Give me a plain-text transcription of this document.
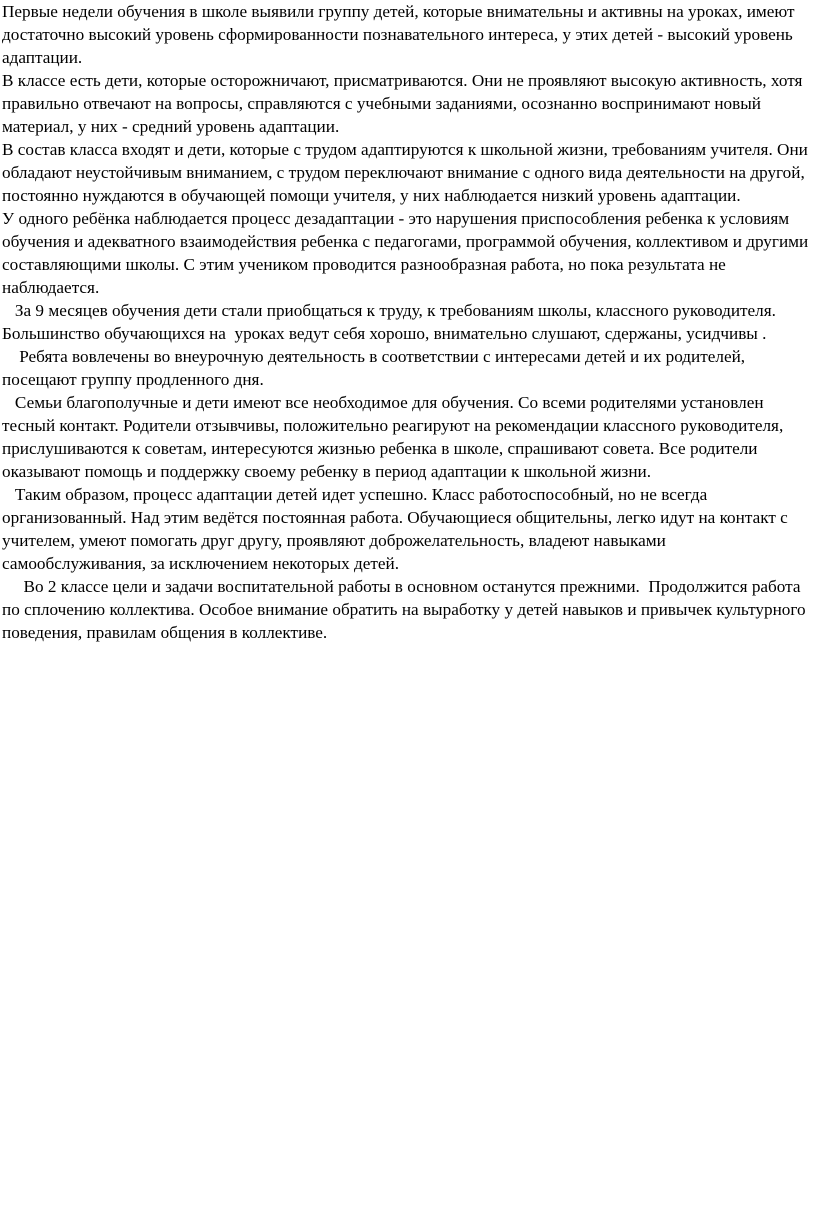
Первые недели обучения в школе выявили группу детей, которые внимательны и активны на уроках, имеют достаточно высокий уровень сформированности познавательного интереса, у этих детей - высокий уровень адаптации.

В классе есть дети, которые осторожничают, присматриваются. Они не проявляют высокую активность, хотя правильно отвечают на вопросы, справляются с учебными заданиями, осознанно воспринимают новый материал, у них - средний уровень адаптации.

В состав класса входят и дети, которые с трудом адаптируются к школьной жизни, требованиям учителя. Они обладают неустойчивым вниманием, с трудом переключают внимание с одного вида деятельности на другой, постоянно нуждаются в обучающей помощи учителя, у них наблюдается низкий уровень адаптации.

У одного ребёнка наблюдается процесс дезадаптации - это нарушения приспособления ребенка к условиям обучения и адекватного взаимодействия ребенка с педагогами, программой обучения, коллективом и другими составляющими школы. С этим учеником проводится разнообразная работа, но пока результата не наблюдается.

За 9 месяцев обучения дети стали приобщаться к труду, к требованиям школы, классного руководителя. Большинство обучающихся на  уроках ведут себя хорошо, внимательно слушают, сдержаны, усидчивы .

Ребята вовлечены во внеурочную деятельность в соответствии с интересами детей и их родителей, посещают группу продленного дня.

Семьи благополучные и дети имеют все необходимое для обучения. Со всеми родителями установлен тесный контакт. Родители отзывчивы, положительно реагируют на рекомендации классного руководителя, прислушиваются к советам, интересуются жизнью ребенка в школе, спрашивают совета. Все родители оказывают помощь и поддержку своему ребенку в период адаптации к школьной жизни.

Таким образом, процесс адаптации детей идет успешно. Класс работоспособный, но не всегда организованный. Над этим ведётся постоянная работа. Обучающиеся общительны, легко идут на контакт с учителем, умеют помогать друг другу, проявляют доброжелательность, владеют навыками самообслуживания, за исключением некоторых детей.

Во 2 классе цели и задачи воспитательной работы в основном останутся прежними.  Продолжится работа по сплочению коллектива. Особое внимание обратить на выработку у детей навыков и привычек культурного поведения, правилам общения в коллективе.
